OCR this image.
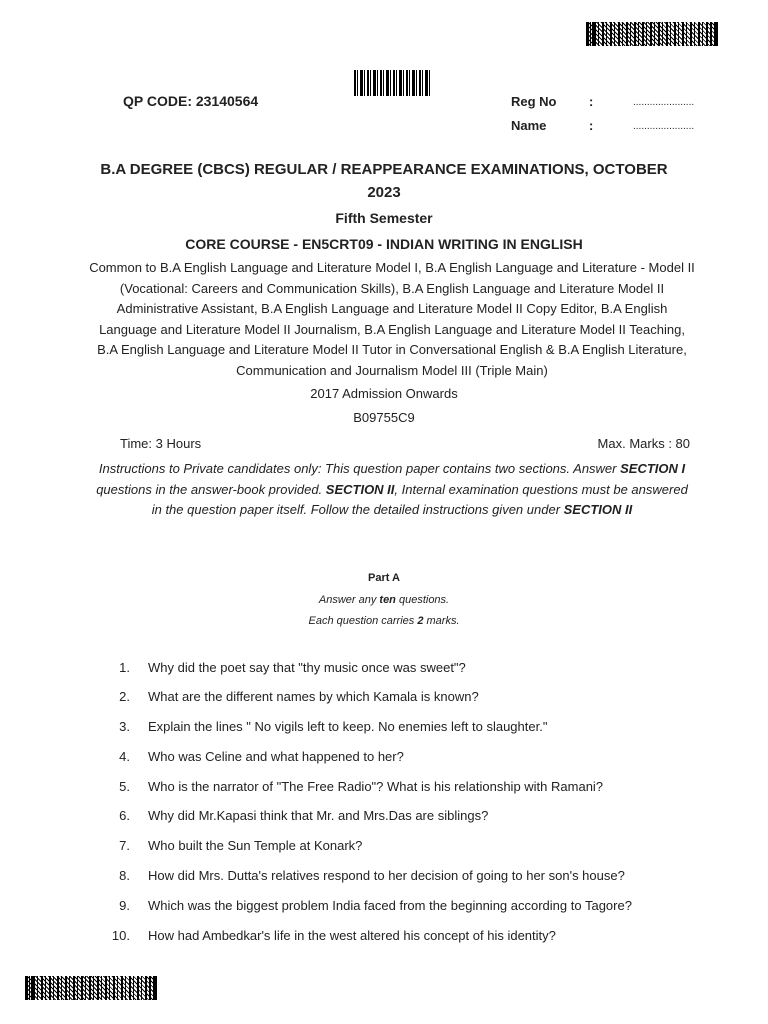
QP CODE: 23140564	Reg No	:	......................
Name	:	......................
B.A DEGREE (CBCS) REGULAR / REAPPEARANCE EXAMINATIONS, OCTOBER
2023
Fifth Semester
CORE COURSE - EN5CRT09 - INDIAN WRITING IN ENGLISH
Common to B.A English Language and Literature Model I, B.A English Language and Literature - Model II (Vocational: Careers and Communication Skills), B.A English Language and Literature Model II Administrative Assistant, B.A English Language and Literature Model II Copy Editor, B.A English Language and Literature Model II Journalism, B.A English Language and Literature Model II Teaching, B.A English Language and Literature Model II Tutor in Conversational English & B.A English Literature, Communication and Journalism Model III (Triple Main)
2017 Admission Onwards
B09755C9
Time: 3 Hours	Max. Marks : 80
Instructions to Private candidates only: This question paper contains two sections. Answer SECTION I questions in the answer-book provided. SECTION II, Internal examination questions must be answered in the question paper itself. Follow the detailed instructions given under SECTION II
Part A
Answer any ten questions.
Each question carries 2 marks.
1. Why did the poet say that "thy music once was sweet"?
2. What are the different names by which Kamala is known?
3. Explain the lines " No vigils left to keep. No enemies left to slaughter."
4. Who was Celine and what happened to her?
5. Who is the narrator of "The Free Radio"? What is his relationship with Ramani?
6. Why did Mr.Kapasi think that Mr. and Mrs.Das are siblings?
7. Who built the Sun Temple at Konark?
8. How did Mrs. Dutta's relatives respond to her decision of going to her son's house?
9. Which was the biggest problem India faced from the beginning according to Tagore?
10. How had Ambedkar's life in the west altered his concept of his identity?
